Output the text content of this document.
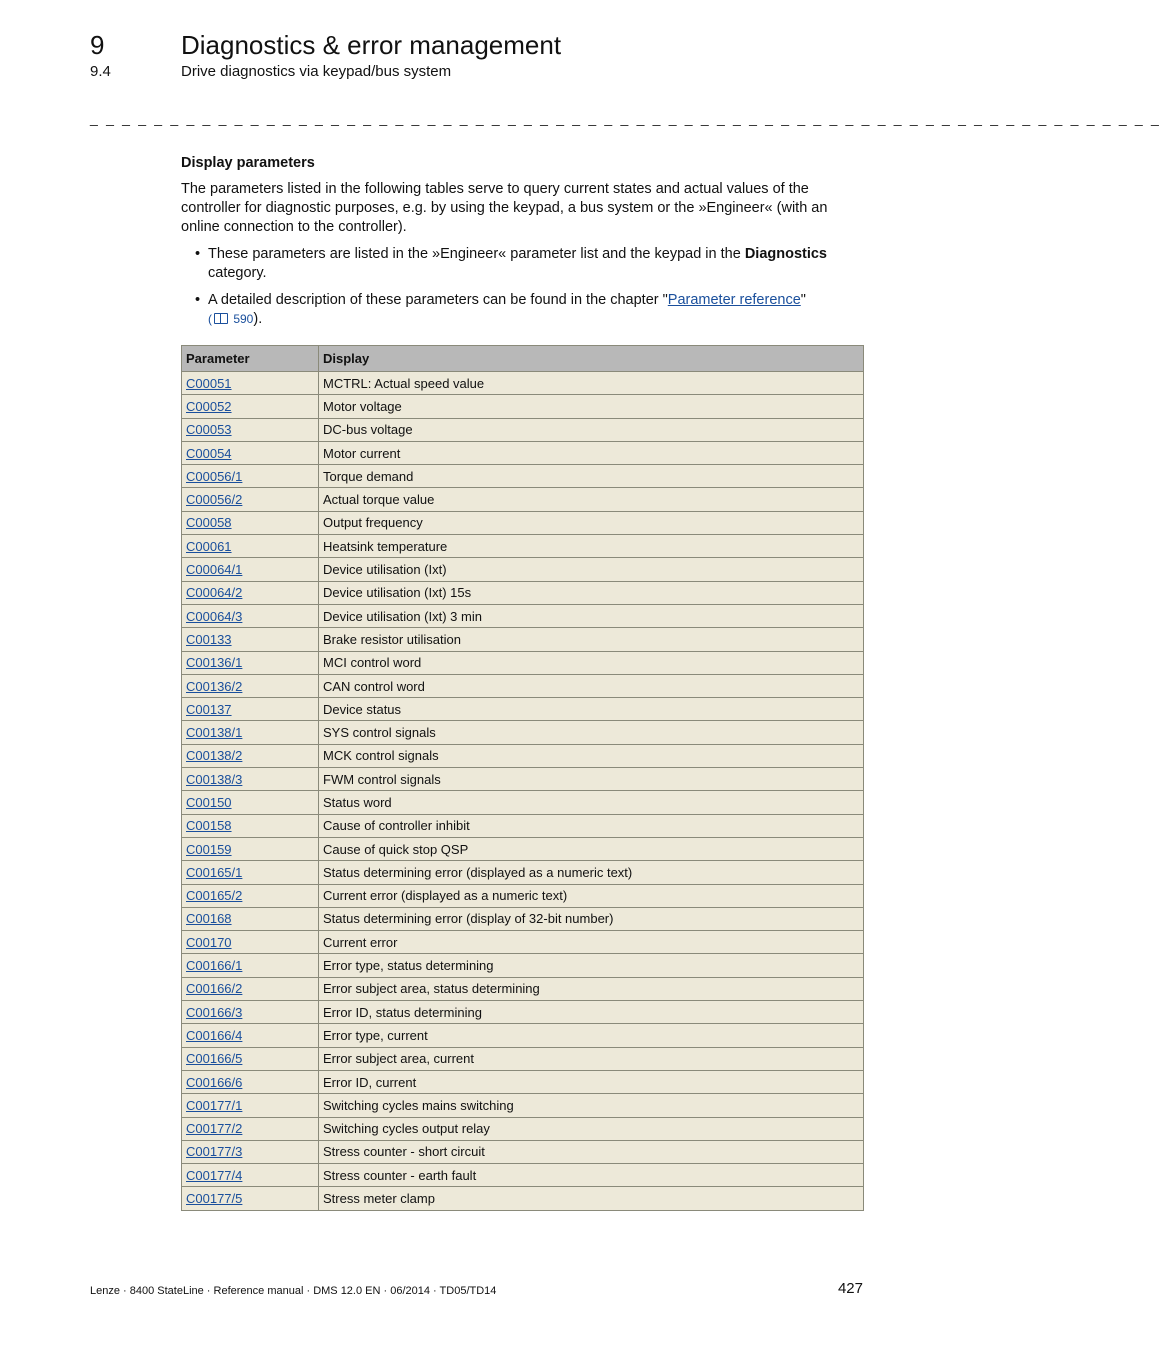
9	Diagnostics & error management
9.4	Drive diagnostics via keypad/bus system
_ _ _ _ _ _ _ _ _ _ _ _ _ _ _ _ _ _ _ _ _ _ _ _ _ _ _ _ _ _ _ _ _ _ _ _ _ _ _ _ _ _ _ _ _ _ _ _ _ _ _ _ _ _ _ _ _ _ _ _ _ _ _ _ _ _ _
Display parameters

The parameters listed in the following tables serve to query current states and actual values of the controller for diagnostic purposes, e.g. by using the keypad, a bus system or the »Engineer« (with an online connection to the controller).

• These parameters are listed in the »Engineer« parameter list and the keypad in the Diagnostics category.
• A detailed description of these parameters can be found in the chapter "Parameter reference"
( 590).
Parameter	Display
C00051	MCTRL: Actual speed value
C00052	Motor voltage
C00053	DC-bus voltage
C00054	Motor current
C00056/1	Torque demand
C00056/2	Actual torque value
C00058	Output frequency
C00061	Heatsink temperature
C00064/1	Device utilisation (Ixt)
C00064/2	Device utilisation (Ixt) 15s
C00064/3	Device utilisation (Ixt) 3 min
C00133	Brake resistor utilisation
C00136/1	MCI control word
C00136/2	CAN control word
C00137	Device status
C00138/1	SYS control signals
C00138/2	MCK control signals
C00138/3	FWM control signals
C00150	Status word
C00158	Cause of controller inhibit
C00159	Cause of quick stop QSP
C00165/1	Status determining error (displayed as a numeric text)
C00165/2	Current error (displayed as a numeric text)
C00168	Status determining error (display of 32-bit number)
C00170	Current error
C00166/1	Error type, status determining
C00166/2	Error subject area, status determining
C00166/3	Error ID, status determining
C00166/4	Error type, current
C00166/5	Error subject area, current
C00166/6	Error ID, current
C00177/1	Switching cycles mains switching
C00177/2	Switching cycles output relay
C00177/3	Stress counter - short circuit
C00177/4	Stress counter - earth fault
C00177/5	Stress meter clamp
Lenze · 8400 StateLine · Reference manual · DMS 12.0 EN · 06/2014 · TD05/TD14	427
